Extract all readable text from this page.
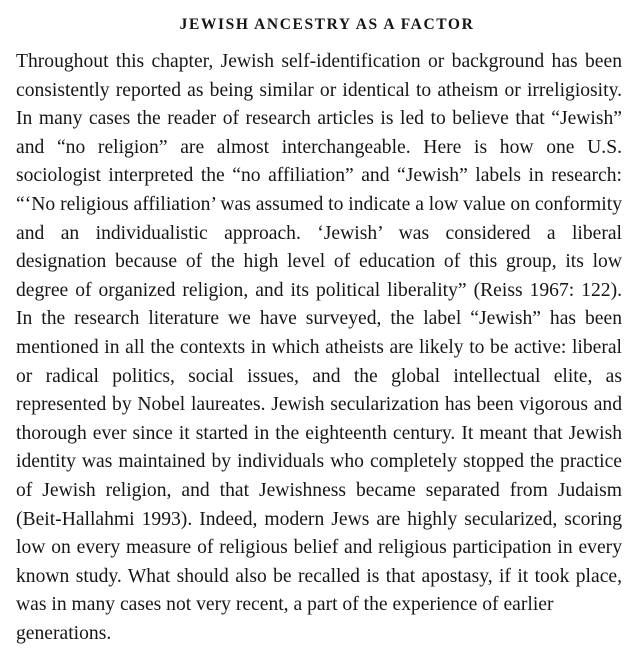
JEWISH ANCESTRY AS A FACTOR

Throughout this chapter, Jewish self-identification or background has been consistently reported as being similar or identical to atheism or irreligiosity. In many cases the reader of research articles is led to believe that “Jewish” and “no religion” are almost interchangeable. Here is how one U.S. sociologist interpreted the “no affiliation” and “Jewish” labels in research: “‘No religious affiliation’ was assumed to indicate a low value on conformity and an individualistic approach. ‘Jewish’ was considered a liberal designation because of the high level of education of this group, its low degree of organized religion, and its political liberality” (Reiss 1967: 122). In the research literature we have surveyed, the label “Jewish” has been mentioned in all the contexts in which atheists are likely to be active: liberal or radical politics, social issues, and the global intellectual elite, as represented by Nobel laureates. Jewish secularization has been vigorous and thorough ever since it started in the eighteenth century. It meant that Jewish identity was maintained by individuals who completely stopped the practice of Jewish religion, and that Jewishness became separated from Judaism (Beit-Hallahmi 1993). Indeed, modern Jews are highly secularized, scoring low on every measure of religious belief and religious participation in every known study. What should also be recalled is that apostasy, if it took place, was in many cases not very recent, a part of the experience of earlier
generations.
